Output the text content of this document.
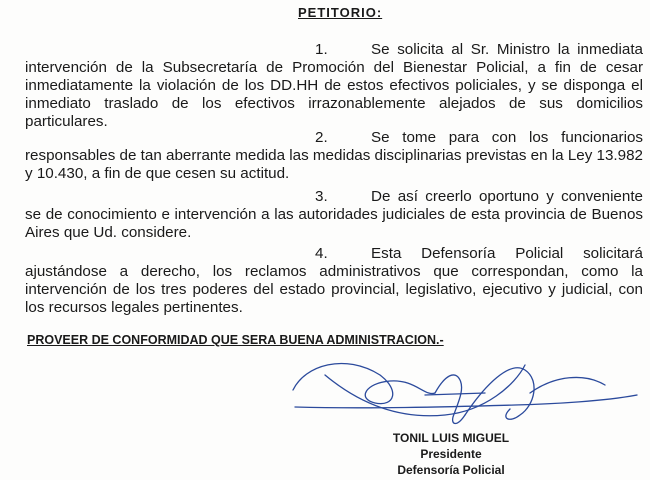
PETITORIO:
1.	Se solicita al Sr. Ministro la inmediata intervención de la Subsecretaría de Promoción del Bienestar Policial, a fin de cesar inmediatamente la violación de los DD.HH de estos efectivos policiales, y se disponga el inmediato traslado de los efectivos irrazonablemente alejados de sus domicilios particulares.
2.	Se tome para con los funcionarios responsables de tan aberrante medida las medidas disciplinarias previstas en la Ley 13.982 y 10.430, a fin de que cesen su actitud.
3.	De así creerlo oportuno y conveniente se de conocimiento e intervención a las autoridades judiciales de esta provincia de Buenos Aires que Ud. considere.
4.	Esta Defensoría Policial solicitará ajustándose a derecho, los reclamos administrativos que correspondan, como la intervención de los tres poderes del estado provincial, legislativo, ejecutivo y judicial, con los recursos legales pertinentes.
PROVEER DE CONFORMIDAD QUE SERA BUENA ADMINISTRACION.-
TONIL LUIS MIGUEL
Presidente
Defensoría Policial
